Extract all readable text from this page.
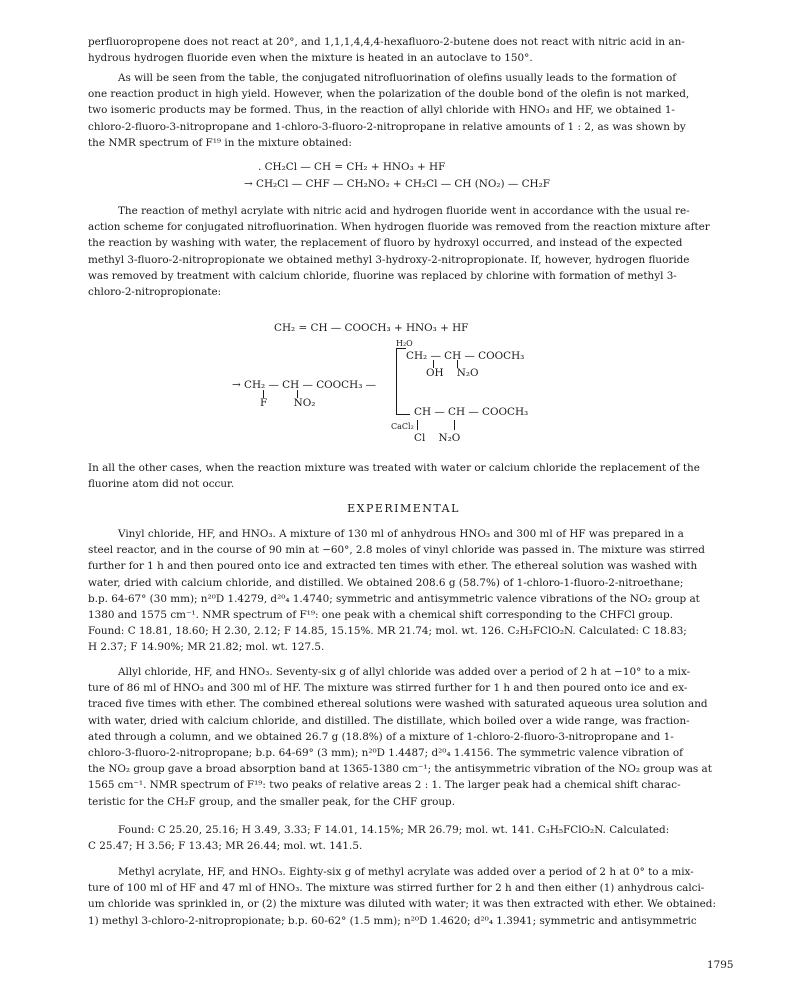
perfluoropropene does not react at 20°, and 1,1,1,4,4,4-hexafluoro-2-butene does not react with nitric acid in an-
hydrous hydrogen fluoride even when the mixture is heated in an autoclave to 150°.
As will be seen from the table, the conjugated nitrofluorination of olefins usually leads to the formation of
one reaction product in high yield. However, when the polarization of the double bond of the olefin is not marked,
two isomeric products may be formed. Thus, in the reaction of allyl chloride with HNO₃ and HF, we obtained 1-
chloro-2-fluoro-3-nitropropane and 1-chloro-3-fluoro-2-nitropropane in relative amounts of 1 : 2, as was shown by
the NMR spectrum of F¹⁹ in the mixture obtained:
. CH₂Cl — CH = CH₂ + HNO₃ + HF
→ CH₂Cl — CHF — CH₂NO₂ + CH₂Cl — CH (NO₂) — CH₂F
The reaction of methyl acrylate with nitric acid and hydrogen fluoride went in accordance with the usual re-
action scheme for conjugated nitrofluorination. When hydrogen fluoride was removed from the reaction mixture after
the reaction by washing with water, the replacement of fluoro by hydroxyl occurred, and instead of the expected
methyl 3-fluoro-2-nitropropionate we obtained methyl 3-hydroxy-2-nitropropionate. If, however, hydrogen fluoride
was removed by treatment with calcium chloride, fluorine was replaced by chlorine with formation of methyl 3-
chloro-2-nitropropionate:
CH₂ = CH — COOCH₃ + HNO₃ + HF
H₂O
CH₂ — CH — COOCH₃
OH    N₂O
→ CH₂ — CH — COOCH₃ —
F        NO₂
CaCl₂
CH — CH — COOCH₃
Cl    N₂O
In all the other cases, when the reaction mixture was treated with water or calcium chloride the replacement of the
fluorine atom did not occur.
EXPERIMENTAL
Vinyl chloride, HF, and HNO₃. A mixture of 130 ml of anhydrous HNO₃ and 300 ml of HF was prepared in a
steel reactor, and in the course of 90 min at −60°, 2.8 moles of vinyl chloride was passed in. The mixture was stirred
further for 1 h and then poured onto ice and extracted ten times with ether. The ethereal solution was washed with
water, dried with calcium chloride, and distilled. We obtained 208.6 g (58.7%) of 1-chloro-1-fluoro-2-nitroethane;
b.p. 64-67° (30 mm); n²⁰D 1.4279, d²⁰₄ 1.4740; symmetric and antisymmetric valence vibrations of the NO₂ group at
1380 and 1575 cm⁻¹. NMR spectrum of F¹⁹: one peak with a chemical shift corresponding to the CHFCl group.
Found: C 18.81, 18.60; H 2.30, 2.12; F 14.85, 15.15%. MR 21.74; mol. wt. 126. C₂H₃FClO₂N. Calculated: C 18.83;
H 2.37; F 14.90%; MR 21.82; mol. wt. 127.5.
Allyl chloride, HF, and HNO₃. Seventy-six g of allyl chloride was added over a period of 2 h at −10° to a mix-
ture of 86 ml of HNO₃ and 300 ml of HF. The mixture was stirred further for 1 h and then poured onto ice and ex-
traced five times with ether. The combined ethereal solutions were washed with saturated aqueous urea solution and
with water, dried with calcium chloride, and distilled. The distillate, which boiled over a wide range, was fraction-
ated through a column, and we obtained 26.7 g (18.8%) of a mixture of 1-chloro-2-fluoro-3-nitropropane and 1-
chloro-3-fluoro-2-nitropropane; b.p. 64-69° (3 mm); n²⁰D 1.4487; d²⁰₄ 1.4156. The symmetric valence vibration of
the NO₂ group gave a broad absorption band at 1365-1380 cm⁻¹; the antisymmetric vibration of the NO₂ group was at
1565 cm⁻¹. NMR spectrum of F¹⁹: two peaks of relative areas 2 : 1. The larger peak had a chemical shift charac-
teristic for the CH₂F group, and the smaller peak, for the CHF group.
Found: C 25.20, 25.16; H 3.49, 3.33; F 14.01, 14.15%; MR 26.79; mol. wt. 141. C₃H₅FClO₂N. Calculated:
C 25.47; H 3.56; F 13.43; MR 26.44; mol. wt. 141.5.
Methyl acrylate, HF, and HNO₃. Eighty-six g of methyl acrylate was added over a period of 2 h at 0° to a mix-
ture of 100 ml of HF and 47 ml of HNO₃. The mixture was stirred further for 2 h and then either (1) anhydrous calci-
um chloride was sprinkled in, or (2) the mixture was diluted with water; it was then extracted with ether. We obtained:
1) methyl 3-chloro-2-nitropropionate; b.p. 60-62° (1.5 mm); n²⁰D 1.4620; d²⁰₄ 1.3941; symmetric and antisymmetric
1795
